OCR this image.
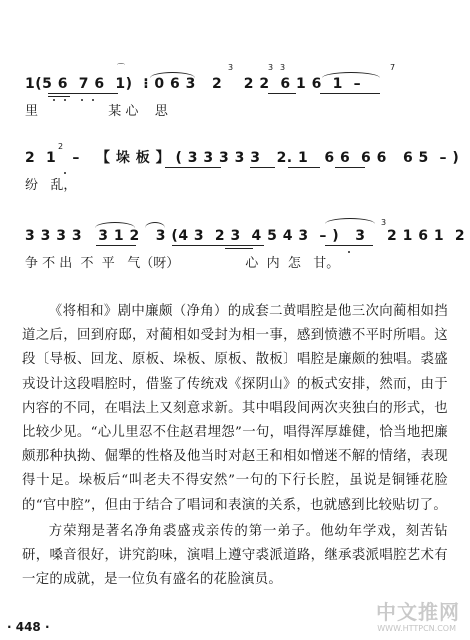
⌒	3	3 3	7
1(5 6  7 6  1)  ⁝ 0 6 3   2    2 2  6 1 6  1  –
里                 某 心    思
2
2  1   –   【 垛 板 】 ( 3 3 3 3 3   2. 1   6 6  6 6   6 5  – )
纷   乱，
3
3 3 3 3   3 1 2   3 (4 3  2 3  4 5 4 3  – )   3    2 1 6 1  2
争 不 出  不  平   气（呀）                心  内  怎   甘。

《将相和》剧中廉颇（净角）的成套二黄唱腔是他三次向蔺相如挡道之后，回到府邸，对蔺相如受封为相一事，感到愤懑不平时所唱。这段〔导板、回龙、原板、垛板、原板、散板〕唱腔是廉颇的独唱。裘盛戎设计这段唱腔时，借鉴了传统戏《探阴山》的板式安排，然而，由于内容的不同，在唱法上又刻意求新。其中唱段间两次夹独白的形式，也比较少见。“心儿里忍不住赵君埋怨”一句，唱得浑厚雄健，恰当地把廉颇那种执拗、倔犟的性格及他当时对赵王和相如憎迷不解的情绪，表现得十足。垛板后“叫老夫不得安然”一句的下行长腔，虽说是铜锤花脸的“官中腔”，但由于结合了唱词和表演的关系，也就感到比较贴切了。

方荣翔是著名净角裘盛戎亲传的第一弟子。他幼年学戏，刻苦钻研，嗓音很好，讲究韵味，演唱上遵守裘派道路，继承裘派唱腔艺术有一定的成就，是一位负有盛名的花脸演员。

中文推网
WWW.HTTPCN.COM
· 448 ·
